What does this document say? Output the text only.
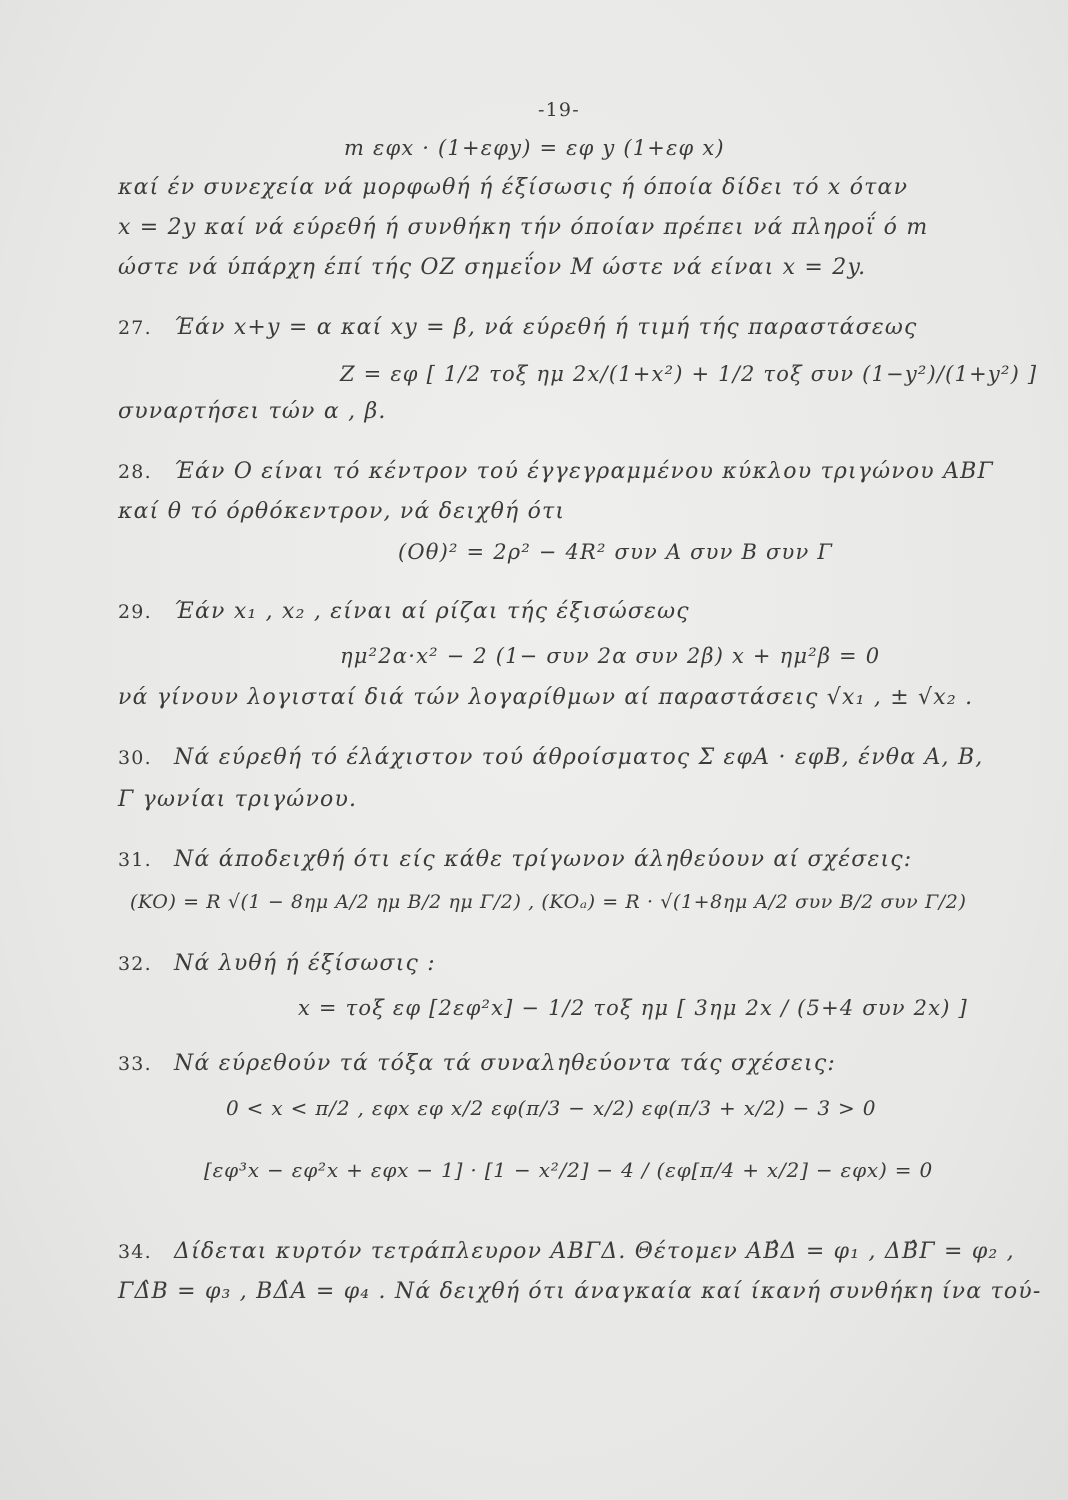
-19-
m εφx · (1+εφy) = εφ y (1+εφ x)
καί έν συνεχεία νά μορφωθή ή έξίσωσις ή όποία δίδει τό x όταν
x = 2y καί νά εύρεθή ή συνθήκη τήν όποίαν πρέπει νά πληροΐ ό m
ώστε νά ύπάρχη έπί τής OZ σημεΐον M ώστε νά είναι x = 2y.
27. Έάν x+y = α καί xy = β, νά εύρεθή ή τιμή τής παραστάσεως
Z = εφ [ 1/2 τοξ ημ 2x/(1+x²) + 1/2 τοξ συν (1−y²)/(1+y²) ]
συναρτήσει τών α , β.
28. Έάν O είναι τό κέντρον τού έγγεγραμμένου κύκλου τριγώνου ΑΒΓ
καί θ τό όρθόκεντρον, νά δειχθή ότι
(Oθ)² = 2ρ² − 4R² συν A συν B συν Γ
29. Έάν x₁ , x₂ , είναι αί ρίζαι τής έξισώσεως
ημ²2α·x² − 2 (1− συν 2α συν 2β) x + ημ²β = 0
νά γίνουν λογισταί διά τών λογαρίθμων αί παραστάσεις √x₁ , ± √x₂ .
30. Νά εύρεθή τό έλάχιστον τού άθροίσματος Σ εφA · εφB, ένθα A, B,
Γ γωνίαι τριγώνου.
31. Νά άποδειχθή ότι είς κάθε τρίγωνον άληθεύουν αί σχέσεις:
(KO) = R √(1 − 8ημ A/2 ημ B/2 ημ Γ/2) , (KOₐ) = R · √(1+8ημ A/2 συν B/2 συν Γ/2)
32. Νά λυθή ή έξίσωσις :
x = τοξ εφ [2εφ²x] − 1/2 τοξ ημ [ 3ημ 2x / (5+4 συν 2x) ]
33. Νά εύρεθούν τά τόξα τά συναληθεύοντα τάς σχέσεις:
0 < x < π/2 , εφx εφ x/2 εφ(π/3 − x/2) εφ(π/3 + x/2) − 3 > 0
[εφ³x − εφ²x + εφx − 1] · [1 − x²/2] − 4 / (εφ[π/4 + x/2] − εφx) = 0
34. Δίδεται κυρτόν τετράπλευρον ΑΒΓΔ. Θέτομεν ΑΒ̂Δ = φ₁ , ΔΒ̂Γ = φ₂ ,
ΓΔ̂Β = φ₃ , ΒΔ̂Α = φ₄ . Νά δειχθή ότι άναγκαία καί ίκανή συνθήκη ίνα τού-
